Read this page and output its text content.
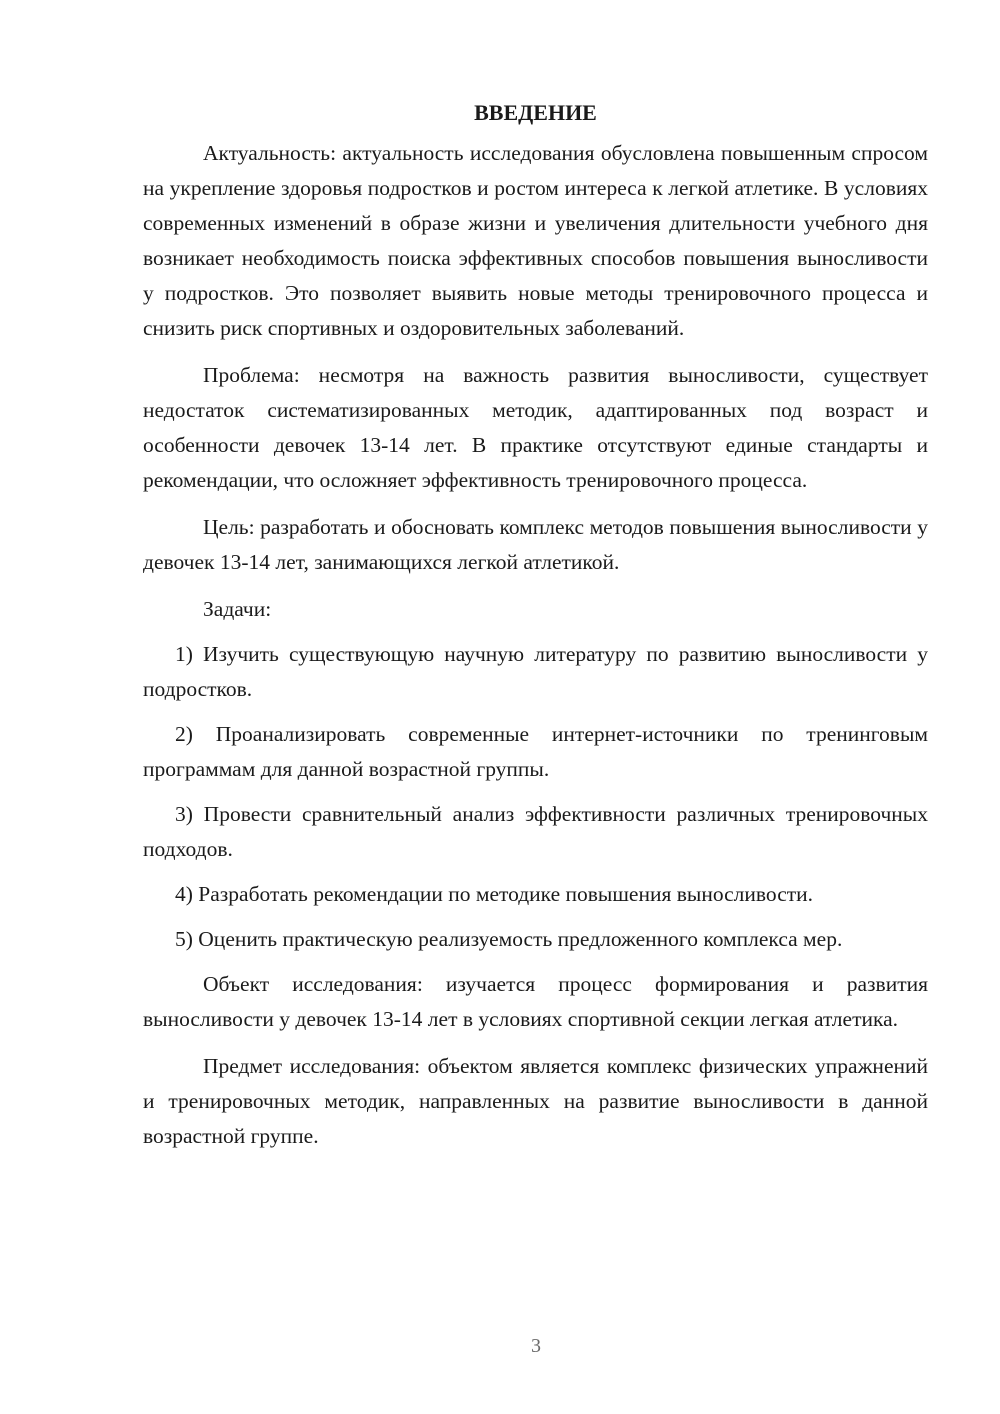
ВВЕДЕНИЕ

Актуальность: актуальность исследования обусловлена повышенным спросом на укрепление здоровья подростков и ростом интереса к легкой атлетике. В условиях современных изменений в образе жизни и увеличения длительности учебного дня возникает необходимость поиска эффективных способов повышения выносливости у подростков. Это позволяет выявить новые методы тренировочного процесса и снизить риск спортивных и оздоровительных заболеваний.

Проблема: несмотря на важность развития выносливости, существует недостаток систематизированных методик, адаптированных под возраст и особенности девочек 13-14 лет. В практике отсутствуют единые стандарты и рекомендации, что осложняет эффективность тренировочного процесса.

Цель: разработать и обосновать комплекс методов повышения выносливости у девочек 13-14 лет, занимающихся легкой атлетикой.

Задачи:

1) Изучить существующую научную литературу по развитию выносливости у подростков.

2) Проанализировать современные интернет-источники по тренинговым программам для данной возрастной группы.

3) Провести сравнительный анализ эффективности различных тренировочных подходов.

4) Разработать рекомендации по методике повышения выносливости.

5) Оценить практическую реализуемость предложенного комплекса мер.

Объект исследования: изучается процесс формирования и развития выносливости у девочек 13-14 лет в условиях спортивной секции легкая атлетика.

Предмет исследования: объектом является комплекс физических упражнений и тренировочных методик, направленных на развитие выносливости в данной возрастной группе.

3
